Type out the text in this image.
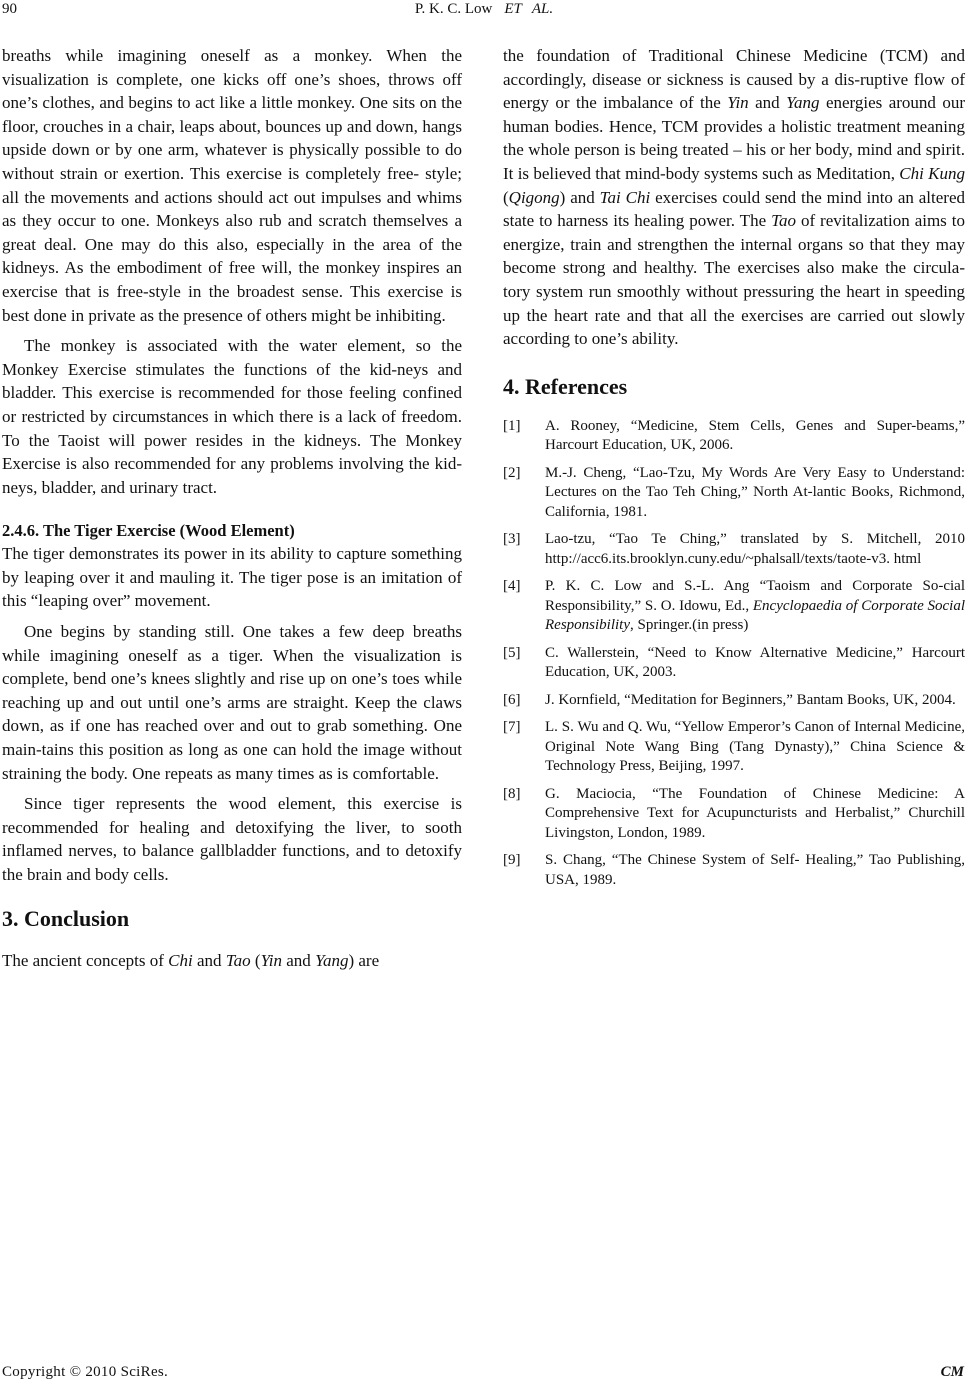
90	P. K. C. Low ET AL.

breaths while imagining oneself as a monkey. When the visualization is complete, one kicks off one’s shoes, throws off one’s clothes, and begins to act like a little monkey. One sits on the floor, crouches in a chair, leaps about, bounces up and down, hangs upside down or by one arm, whatever is physically possible to do without strain or exertion. This exercise is completely free- style; all the movements and actions should act out impulses and whims as they occur to one. Monkeys also rub and scratch themselves a great deal. One may do this also, especially in the area of the kidneys. As the embodiment of free will, the monkey inspires an exercise that is free-style in the broadest sense. This exercise is best done in private as the presence of others might be inhibiting.

The monkey is associated with the water element, so the Monkey Exercise stimulates the functions of the kid-neys and bladder. This exercise is recommended for those feeling confined or restricted by circumstances in which there is a lack of freedom. To the Taoist will power resides in the kidneys. The Monkey Exercise is also recommended for any problems involving the kid-neys, bladder, and urinary tract.

2.4.6. The Tiger Exercise (Wood Element)

The tiger demonstrates its power in its ability to capture something by leaping over it and mauling it. The tiger pose is an imitation of this “leaping over” movement.

One begins by standing still. One takes a few deep breaths while imagining oneself as a tiger. When the visualization is complete, bend one’s knees slightly and rise up on one’s toes while reaching up and out until one’s arms are straight. Keep the claws down, as if one has reached over and out to grab something. One main-tains this position as long as one can hold the image without straining the body. One repeats as many times as is comfortable.

Since tiger represents the wood element, this exercise is recommended for healing and detoxifying the liver, to sooth inflamed nerves, to balance gallbladder functions, and to detoxify the brain and body cells.

3. Conclusion

The ancient concepts of Chi and Tao (Yin and Yang) are

the foundation of Traditional Chinese Medicine (TCM) and accordingly, disease or sickness is caused by a dis-ruptive flow of energy or the imbalance of the Yin and Yang energies around our human bodies. Hence, TCM provides a holistic treatment meaning the whole person is being treated – his or her body, mind and spirit. It is believed that mind-body systems such as Meditation, Chi Kung (Qigong) and Tai Chi exercises could send the mind into an altered state to harness its healing power. The Tao of revitalization aims to energize, train and strengthen the internal organs so that they may become strong and healthy. The exercises also make the circula-tory system run smoothly without pressuring the heart in speeding up the heart rate and that all the exercises are carried out slowly according to one’s ability.

4. References
[1] A. Rooney, “Medicine, Stem Cells, Genes and Super-beams,” Harcourt Education, UK, 2006.
[2] M.-J. Cheng, “Lao-Tzu, My Words Are Very Easy to Understand: Lectures on the Tao Teh Ching,” North At-lantic Books, Richmond, California, 1981.
[3] Lao-tzu, “Tao Te Ching,” translated by S. Mitchell, 2010 http://acc6.its.brooklyn.cuny.edu/~phalsall/texts/taote-v3. html
[4] P. K. C. Low and S.-L. Ang “Taoism and Corporate So-cial Responsibility,” S. O. Idowu, Ed., Encyclopaedia of Corporate Social Responsibility, Springer.(in press)
[5] C. Wallerstein, “Need to Know Alternative Medicine,” Harcourt Education, UK, 2003.
[6] J. Kornfield, “Meditation for Beginners,” Bantam Books, UK, 2004.
[7] L. S. Wu and Q. Wu, “Yellow Emperor’s Canon of Internal Medicine, Original Note Wang Bing (Tang Dynasty),” China Science & Technology Press, Beijing, 1997.
[8] G. Maciocia, “The Foundation of Chinese Medicine: A Comprehensive Text for Acupuncturists and Herbalist,” Churchill Livingston, London, 1989.
[9] S. Chang, “The Chinese System of Self- Healing,” Tao Publishing, USA, 1989.
Copyright © 2010 SciRes.	CM
